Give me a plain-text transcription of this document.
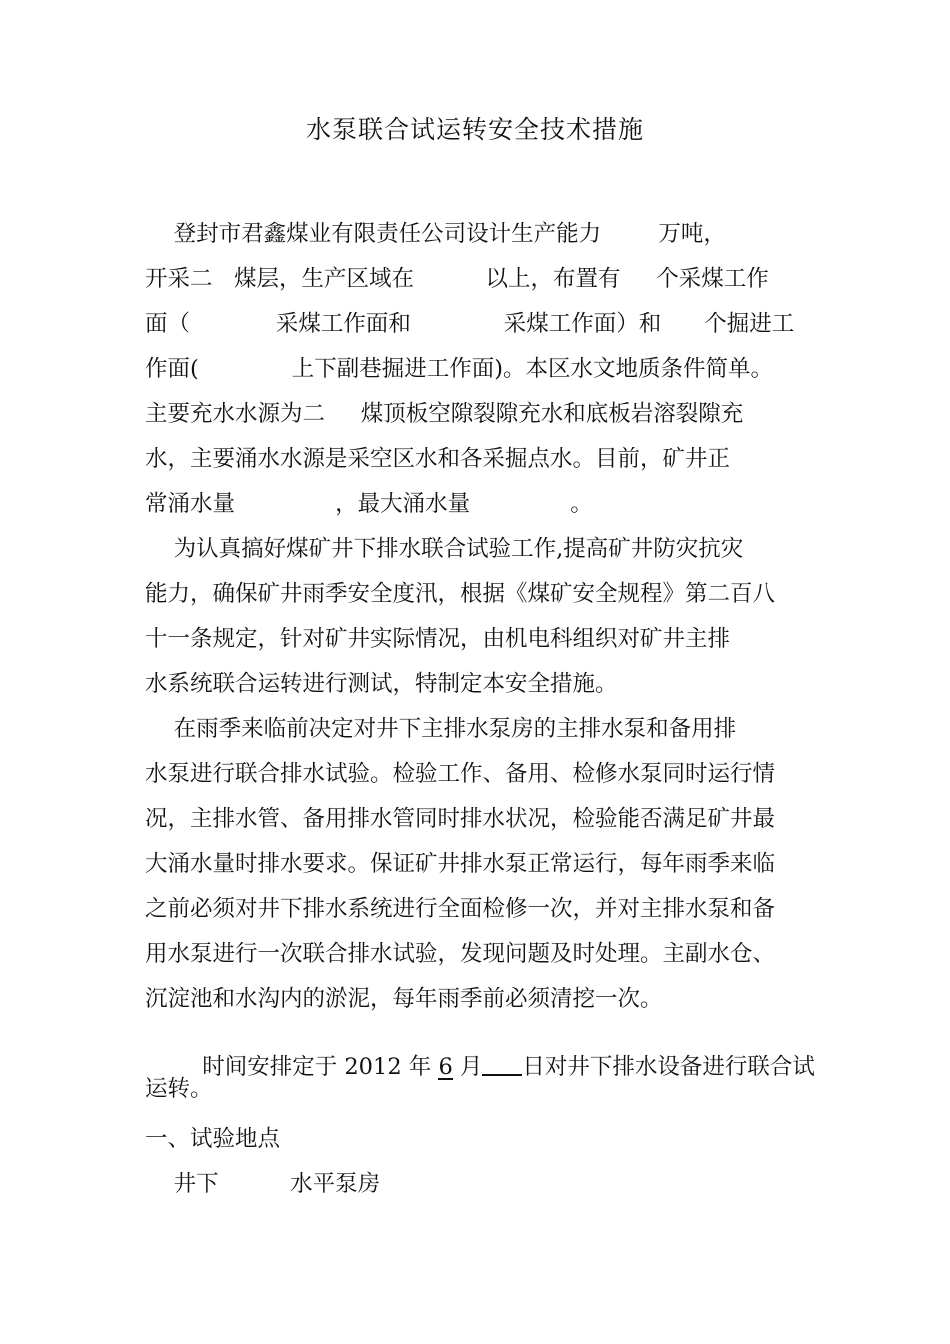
水泵联合试运转安全技术措施
登封市君鑫煤业有限责任公司设计生产能力        万吨，
开采二   煤层，生产区域在          以上，布置有     个采煤工作
面（            采煤工作面和             采煤工作面）和      个掘进工
作面(             上下副巷掘进工作面)。本区水文地质条件简单。
主要充水水源为二     煤顶板空隙裂隙充水和底板岩溶裂隙充
水，主要涌水水源是采空区水和各采掘点水。目前，矿井正
常涌水量              ，最大涌水量              。
为认真搞好煤矿井下排水联合试验工作,提高矿井防灾抗灾
能力，确保矿井雨季安全度汛，根据《煤矿安全规程》第二百八
十一条规定，针对矿井实际情况，由机电科组织对矿井主排
水系统联合运转进行测试，特制定本安全措施。
在雨季来临前决定对井下主排水泵房的主排水泵和备用排
水泵进行联合排水试验。检验工作、备用、检修水泵同时运行情
况，主排水管、备用排水管同时排水状况，检验能否满足矿井最
大涌水量时排水要求。保证矿井排水泵正常运行，每年雨季来临
之前必须对井下排水系统进行全面检修一次，并对主排水泵和备
用水泵进行一次联合排水试验，发现问题及时处理。主副水仓、
沉淀池和水沟内的淤泥，每年雨季前必须清挖一次。

时间安排定于 2012 年 6 月 日对井下排水设备进行联合试

运转。
一、试验地点
井下          水平泵房
